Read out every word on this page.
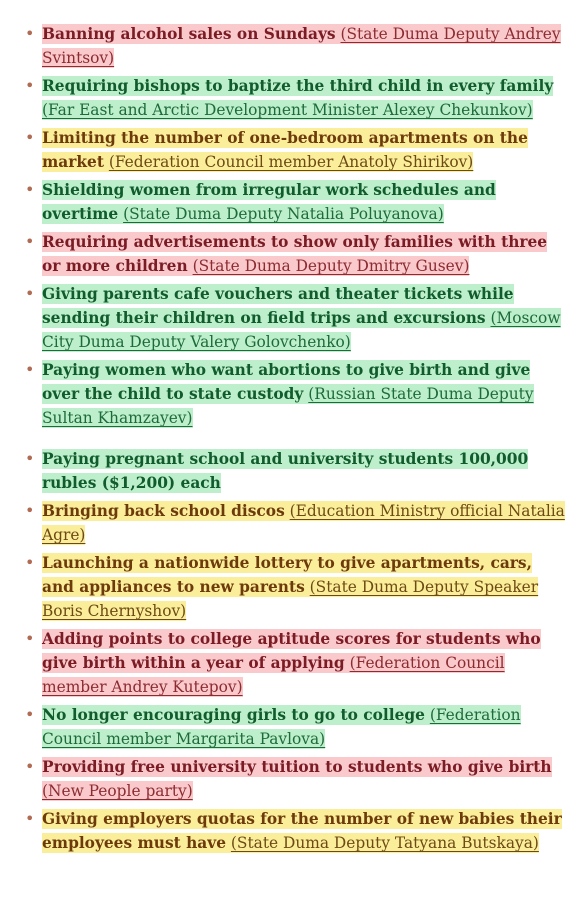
• Banning alcohol sales on Sundays (State Duma Deputy Andrey Svintsov)
• Requiring bishops to baptize the third child in every family (Far East and Arctic Development Minister Alexey Chekunkov)
• Limiting the number of one-bedroom apartments on the market (Federation Council member Anatoly Shirikov)
• Shielding women from irregular work schedules and overtime (State Duma Deputy Natalia Poluyanova)
• Requiring advertisements to show only families with three or more children (State Duma Deputy Dmitry Gusev)
• Giving parents cafe vouchers and theater tickets while sending their children on field trips and excursions (Moscow City Duma Deputy Valery Golovchenko)
• Paying women who want abortions to give birth and give over the child to state custody (Russian State Duma Deputy Sultan Khamzayev)
• Paying pregnant school and university students 100,000 rubles ($1,200) each
• Bringing back school discos (Education Ministry official Natalia Agre)
• Launching a nationwide lottery to give apartments, cars, and appliances to new parents (State Duma Deputy Speaker Boris Chernyshov)
• Adding points to college aptitude scores for students who give birth within a year of applying (Federation Council member Andrey Kutepov)
• No longer encouraging girls to go to college (Federation Council member Margarita Pavlova)
• Providing free university tuition to students who give birth (New People party)
• Giving employers quotas for the number of new babies their employees must have (State Duma Deputy Tatyana Butskaya)
